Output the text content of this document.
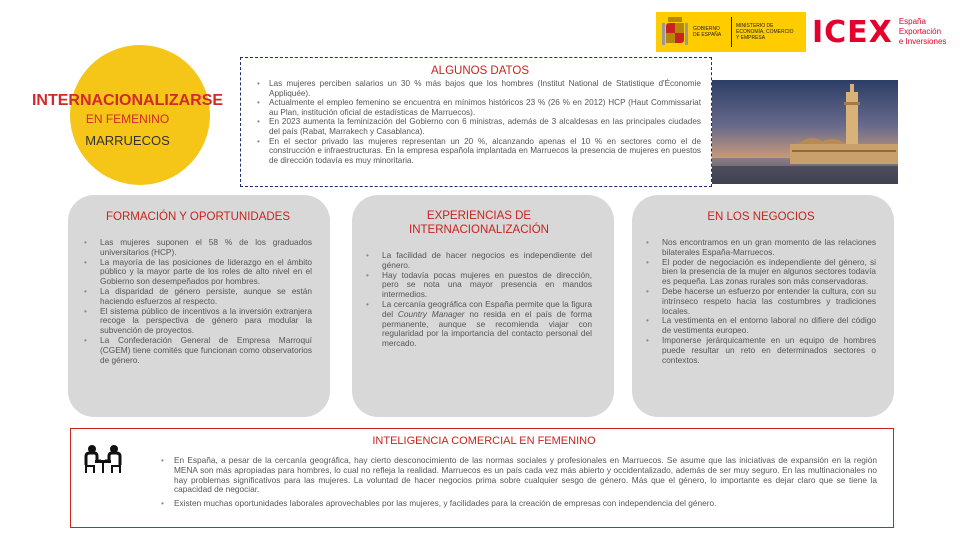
GOBIERNO DE ESPAÑA
MINISTERIO DE ECONOMÍA, COMERCIO Y EMPRESA	ICEX España
Exportación
e Inversiones
INTERNACIONALIZARSE
EN FEMENINO
MARRUECOS
ALGUNOS DATOS
• Las mujeres perciben salarios un 30 % más bajos que los hombres (Institut National de Statistique d'Économie Appliquée).
• Actualmente el empleo femenino se encuentra en mínimos históricos 23 % (26 % en 2012) HCP (Haut Commissariat au Plan, institución oficial de estadísticas de Marruecos).
• En 2023 aumenta la feminización del Gobierno con 6 ministras, además de 3 alcaldesas en las principales ciudades del país (Rabat, Marrakech y Casablanca).
• En el sector privado las mujeres representan un 20 %, alcanzando apenas el 10 % en sectores como el de construcción e infraestructuras. En la empresa española implantada en Marruecos la presencia de mujeres en puestos de dirección todavía es muy minoritaria.
FORMACIÓN Y OPORTUNIDADES
• Las mujeres suponen el 58 % de los graduados universitarios (HCP).
• La mayoría de las posiciones de liderazgo en el ámbito público y la mayor parte de los roles de alto nivel en el Gobierno son desempeñados por hombres.
• La disparidad de género persiste, aunque se están haciendo esfuerzos al respecto.
• El sistema público de incentivos a la inversión extranjera recoge la perspectiva de género para modular la subvención de proyectos.
• La Confederación General de Empresa Marroquí (CGEM) tiene comités que funcionan como observatorios de género.
EXPERIENCIAS DE
INTERNACIONALIZACIÓN
• La facilidad de hacer negocios es independiente del género.
• Hay todavía pocas mujeres en puestos de dirección, pero se nota una mayor presencia en mandos intermedios.
• La cercanía geográfica con España permite que la figura del Country Manager no resida en el país de forma permanente, aunque se recomienda viajar con regularidad por la importancia del contacto personal del mercado.
EN LOS NEGOCIOS
• Nos encontramos en un gran momento de las relaciones bilaterales España-Marruecos.
• El poder de negociación es independiente del género, si bien la presencia de la mujer en algunos sectores todavía es pequeña. Las zonas rurales son más conservadoras.
• Debe hacerse un esfuerzo por entender la cultura, con su intrínseco respeto hacia las costumbres y tradiciones locales.
• La vestimenta en el entorno laboral no difiere del código de vestimenta europeo.
• Imponerse jerárquicamente en un equipo de hombres puede resultar un reto en determinados sectores o contextos.
INTELIGENCIA COMERCIAL EN FEMENINO
• En España, a pesar de la cercanía geográfica, hay cierto desconocimiento de las normas sociales y profesionales en Marruecos. Se asume que las iniciativas de expansión en la región MENA son más apropiadas para hombres, lo cual no refleja la realidad. Marruecos es un país cada vez más abierto y occidentalizado, además de ser muy seguro. En las multinacionales no hay problemas significativos para las mujeres. La voluntad de hacer negocios prima sobre cualquier sesgo de género. Más que el género, lo importante es dejar claro que se tiene la capacidad de negociar.
• Existen muchas oportunidades laborales aprovechables por las mujeres, y facilidades para la creación de empresas con independencia del género.
